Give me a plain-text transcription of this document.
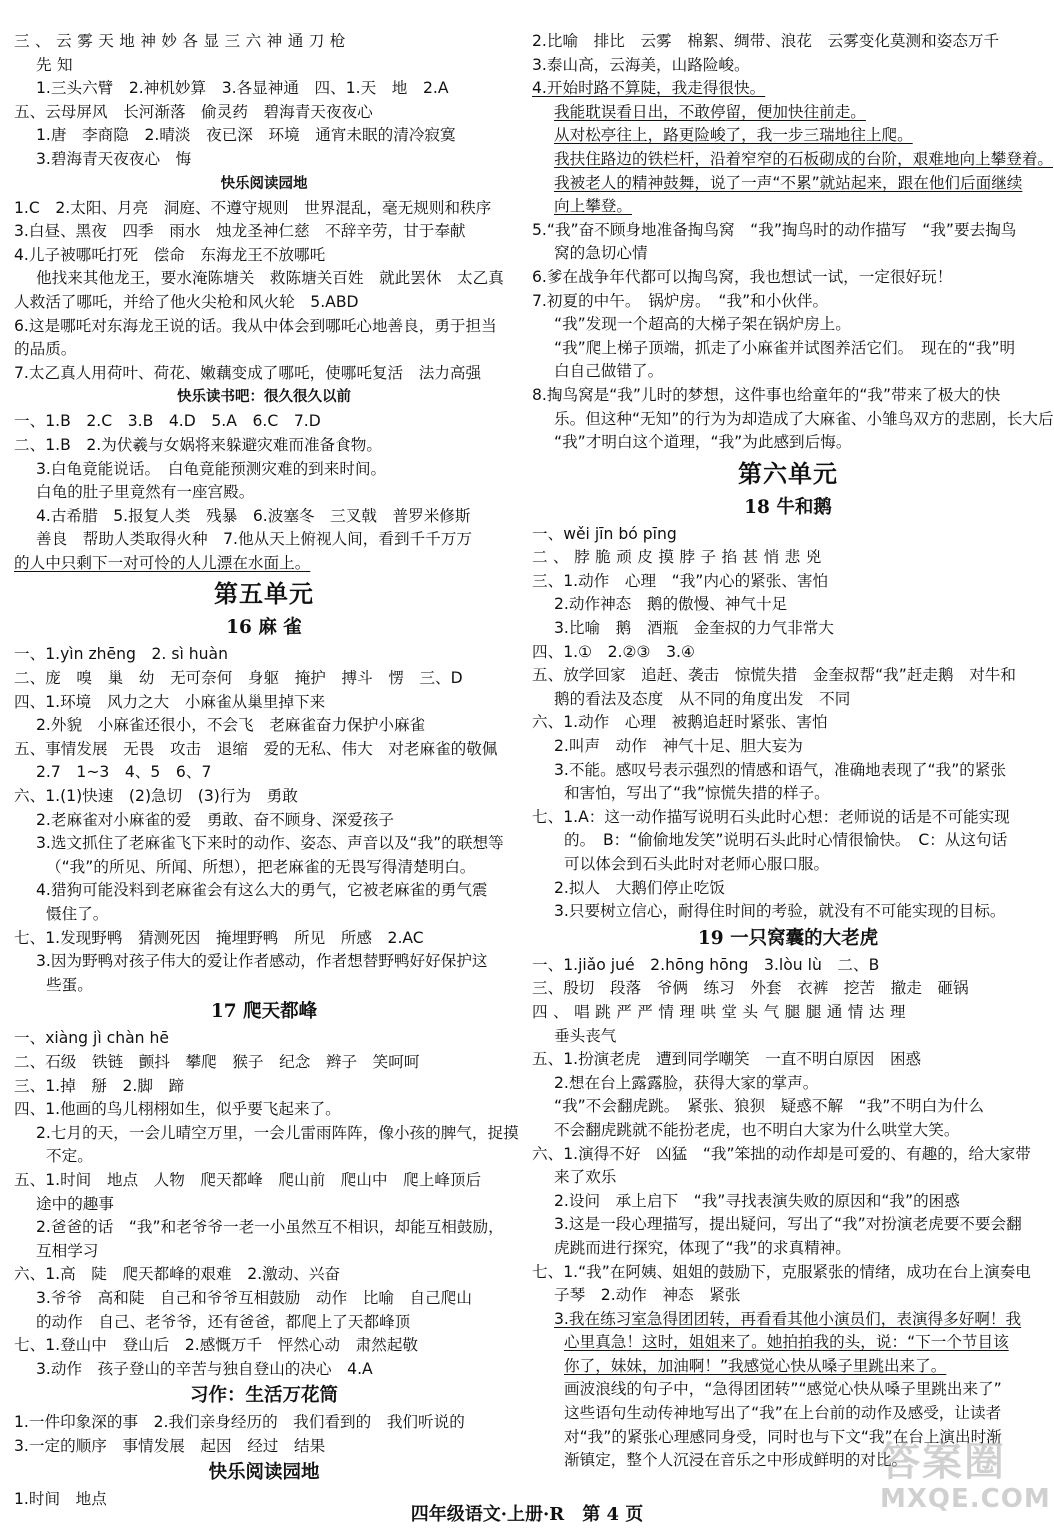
三、云雾天地神妙各显三六神通刀枪
先知
1.三头六臂　2.神机妙算　3.各显神通　四、1.天　地　2.A
五、云母屏风　长河渐落　偷灵药　碧海青天夜夜心
1.唐　李商隐　2.晴淡　夜已深　环境　通宵未眠的清冷寂寞
3.碧海青天夜夜心　悔
快乐阅读园地
1.C　2.太阳、月亮　洞庭、不遵守规则　世界混乱，毫无规则和秩序
3.白昼、黑夜　四季　雨水　烛龙圣神仁慈　不辞辛劳，甘于奉献
4.儿子被哪吒打死　偿命　东海龙王不放哪吒
他找来其他龙王，要水淹陈塘关　救陈塘关百姓　就此罢休　太乙真
人救活了哪吒，并给了他火尖枪和风火轮　5.ABD
6.这是哪吒对东海龙王说的话。我从中体会到哪吒心地善良，勇于担当
的品质。
7.太乙真人用荷叶、荷花、嫩藕变成了哪吒，使哪吒复活　法力高强
快乐读书吧：很久很久以前
一、1.B　2.C　3.B　4.D　5.A　6.C　7.D
二、1.B　2.为伏羲与女娲将来躲避灾难而准备食物。
3.白龟竟能说话。　白龟竟能预测灾难的到来时间。
白龟的肚子里竟然有一座宫殿。
4.古希腊　5.报复人类　残暴　6.波塞冬　三叉戟　普罗米修斯
善良　帮助人类取得火种　7.他从天上俯视人间，看到千千万万
的人中只剩下一对可怜的人儿漂在水面上。
第五单元
16 麻 雀
一、1.yìn zhēng　2. sì huàn
二、庞　嗅　巢　幼　无可奈何　身躯　掩护　搏斗　愣　三、D
四、1.环境　风力之大　小麻雀从巢里掉下来
2.外貌　小麻雀还很小，不会飞　老麻雀奋力保护小麻雀
五、事情发展　无畏　攻击　退缩　爱的无私、伟大　对老麻雀的敬佩
2.7　1~3　4、5　6、7
六、1.(1)快速　(2)急切　(3)行为　勇敢
2.老麻雀对小麻雀的爱　勇敢、奋不顾身、深爱孩子
3.选文抓住了老麻雀飞下来时的动作、姿态、声音以及“我”的联想等
（“我”的所见、所闻、所想），把老麻雀的无畏写得清楚明白。
4.猎狗可能没料到老麻雀会有这么大的勇气，它被老麻雀的勇气震
慑住了。
七、1.发现野鸭　猜测死因　掩埋野鸭　所见　所感　2.AC
3.因为野鸭对孩子伟大的爱让作者感动，作者想替野鸭好好保护这
些蛋。
17 爬天都峰
一、xiàng jì chàn hē
二、石级　铁链　颤抖　攀爬　猴子　纪念　辫子　笑呵呵
三、1.掉　掰　2.脚　蹄
四、1.他画的鸟儿栩栩如生，似乎要飞起来了。
2.七月的天，一会儿晴空万里，一会儿雷雨阵阵，像小孩的脾气，捉摸
不定。
五、1.时间　地点　人物　爬天都峰　爬山前　爬山中　爬上峰顶后
途中的趣事
2.爸爸的话　“我”和老爷爷一老一小虽然互不相识，却能互相鼓励，
互相学习
六、1.高　陡　爬天都峰的艰难　2.激动、兴奋
3.爷爷　高和陡　自己和爷爷互相鼓励　动作　比喻　自己爬山
的动作　自己、老爷爷，还有爸爸，都爬上了天都峰顶
七、1.登山中　登山后　2.感慨万千　怦然心动　肃然起敬
3.动作　孩子登山的辛苦与独自登山的决心　4.A
习作：生活万花筒
1.一件印象深的事　2.我们亲身经历的　我们看到的　我们听说的
3.一定的顺序　事情发展　起因　经过　结果
快乐阅读园地
1.时间　地点
2.比喻　排比　云雾　棉絮、绸带、浪花　云雾变化莫测和姿态万千
3.泰山高，云海美，山路险峻。
4.开始时路不算陡，我走得很快。
我能耽误看日出，不敢停留，便加快往前走。
从对松亭往上，路更险峻了，我一步三瑞地往上爬。
我扶住路边的铁栏杆，沿着窄窄的石板砌成的台阶，艰难地向上攀登着。
我被老人的精神鼓舞，说了一声“不累”就站起来，跟在他们后面继续
向上攀登。
5.“我”奋不顾身地准备掏鸟窝　“我”掏鸟时的动作描写　“我”要去掏鸟
窝的急切心情
6.爹在战争年代都可以掏鸟窝，我也想试一试，一定很好玩！
7.初夏的中午。　锅炉房。　“我”和小伙伴。
“我”发现一个超高的大梯子架在锅炉房上。
“我”爬上梯子顶端，抓走了小麻雀并试图养活它们。　现在的“我”明
白自己做错了。
8.掏鸟窝是“我”儿时的梦想，这件事也给童年的“我”带来了极大的快
乐。但这种“无知”的行为为却造成了大麻雀、小雏鸟双方的悲剧，长大后
“我”才明白这个道理，“我”为此感到后悔。
第六单元
18 牛和鹅
一、wěi jīn bó pīng
二、脖脆顽皮摸脖子掐甚悄悲兇
三、1.动作　心理　“我”内心的紧张、害怕
2.动作神态　鹅的傲慢、神气十足
3.比喻　鹅　酒瓶　金奎叔的力气非常大
四、1.①　2.②③　3.④
五、放学回家　追赶、袭击　惊慌失措　金奎叔帮“我”赶走鹅　对牛和
鹅的看法及态度　从不同的角度出发　不同
六、1.动作　心理　被鹅追赶时紧张、害怕
2.叫声　动作　神气十足、胆大妄为
3.不能。感叹号表示强烈的情感和语气，准确地表现了“我”的紧张
和害怕，写出了“我”惊慌失措的样子。
七、1.A：这一动作描写说明石头此时心想：老师说的话是不可能实现
的。　B：“偷偷地发笑”说明石头此时心情很愉快。　C：从这句话
可以体会到石头此时对老师心服口服。
2.拟人　大鹅们停止吃饭
3.只要树立信心，耐得住时间的考验，就没有不可能实现的目标。
19 一只窝囊的大老虎
一、1.jiǎo jué　2.hōng hōng　3.lòu lù　二、B
三、殷切　段落　爷俩　练习　外套　衣裤　挖苦　撤走　砸锅
四、唱跳严严情理哄堂头气腿腿通情达理
垂头丧气
五、1.扮演老虎　遭到同学嘲笑　一直不明白原因　困惑
2.想在台上露露脸，获得大家的掌声。
“我”不会翻虎跳。　紧张、狼狈　疑惑不解　“我”不明白为什么
不会翻虎跳就不能扮老虎，也不明白大家为什么哄堂大笑。
六、1.演得不好　凶猛　“我”笨拙的动作却是可爱的、有趣的，给大家带
来了欢乐
2.设问　承上启下　“我”寻找表演失败的原因和“我”的困惑
3.这是一段心理描写，提出疑问，写出了“我”对扮演老虎要不要会翻
虎跳而进行探究，体现了“我”的求真精神。
七、1.“我”在阿姨、姐姐的鼓励下，克服紧张的情绪，成功在台上演奏电
子琴　2.动作　神态　紧张
3.我在练习室急得团团转，再看看其他小演员们，表演得多好啊！我
心里真急！这时，姐姐来了。她拍拍我的头，说：“下一个节目该
你了，妹妹，加油啊！”我感觉心快从嗓子里跳出来了。
画波浪线的句子中，“急得团团转”“感觉心快从嗓子里跳出来了”
这些语句生动传神地写出了“我”在上台前的动作及感受，让读者
对“我”的紧张心理感同身受，同时也与下文“我”在台上演出时渐
渐镇定，整个人沉浸在音乐之中形成鲜明的对比。
四年级语文·上册·R　第 4 页
答案圈
MXQE.COM
